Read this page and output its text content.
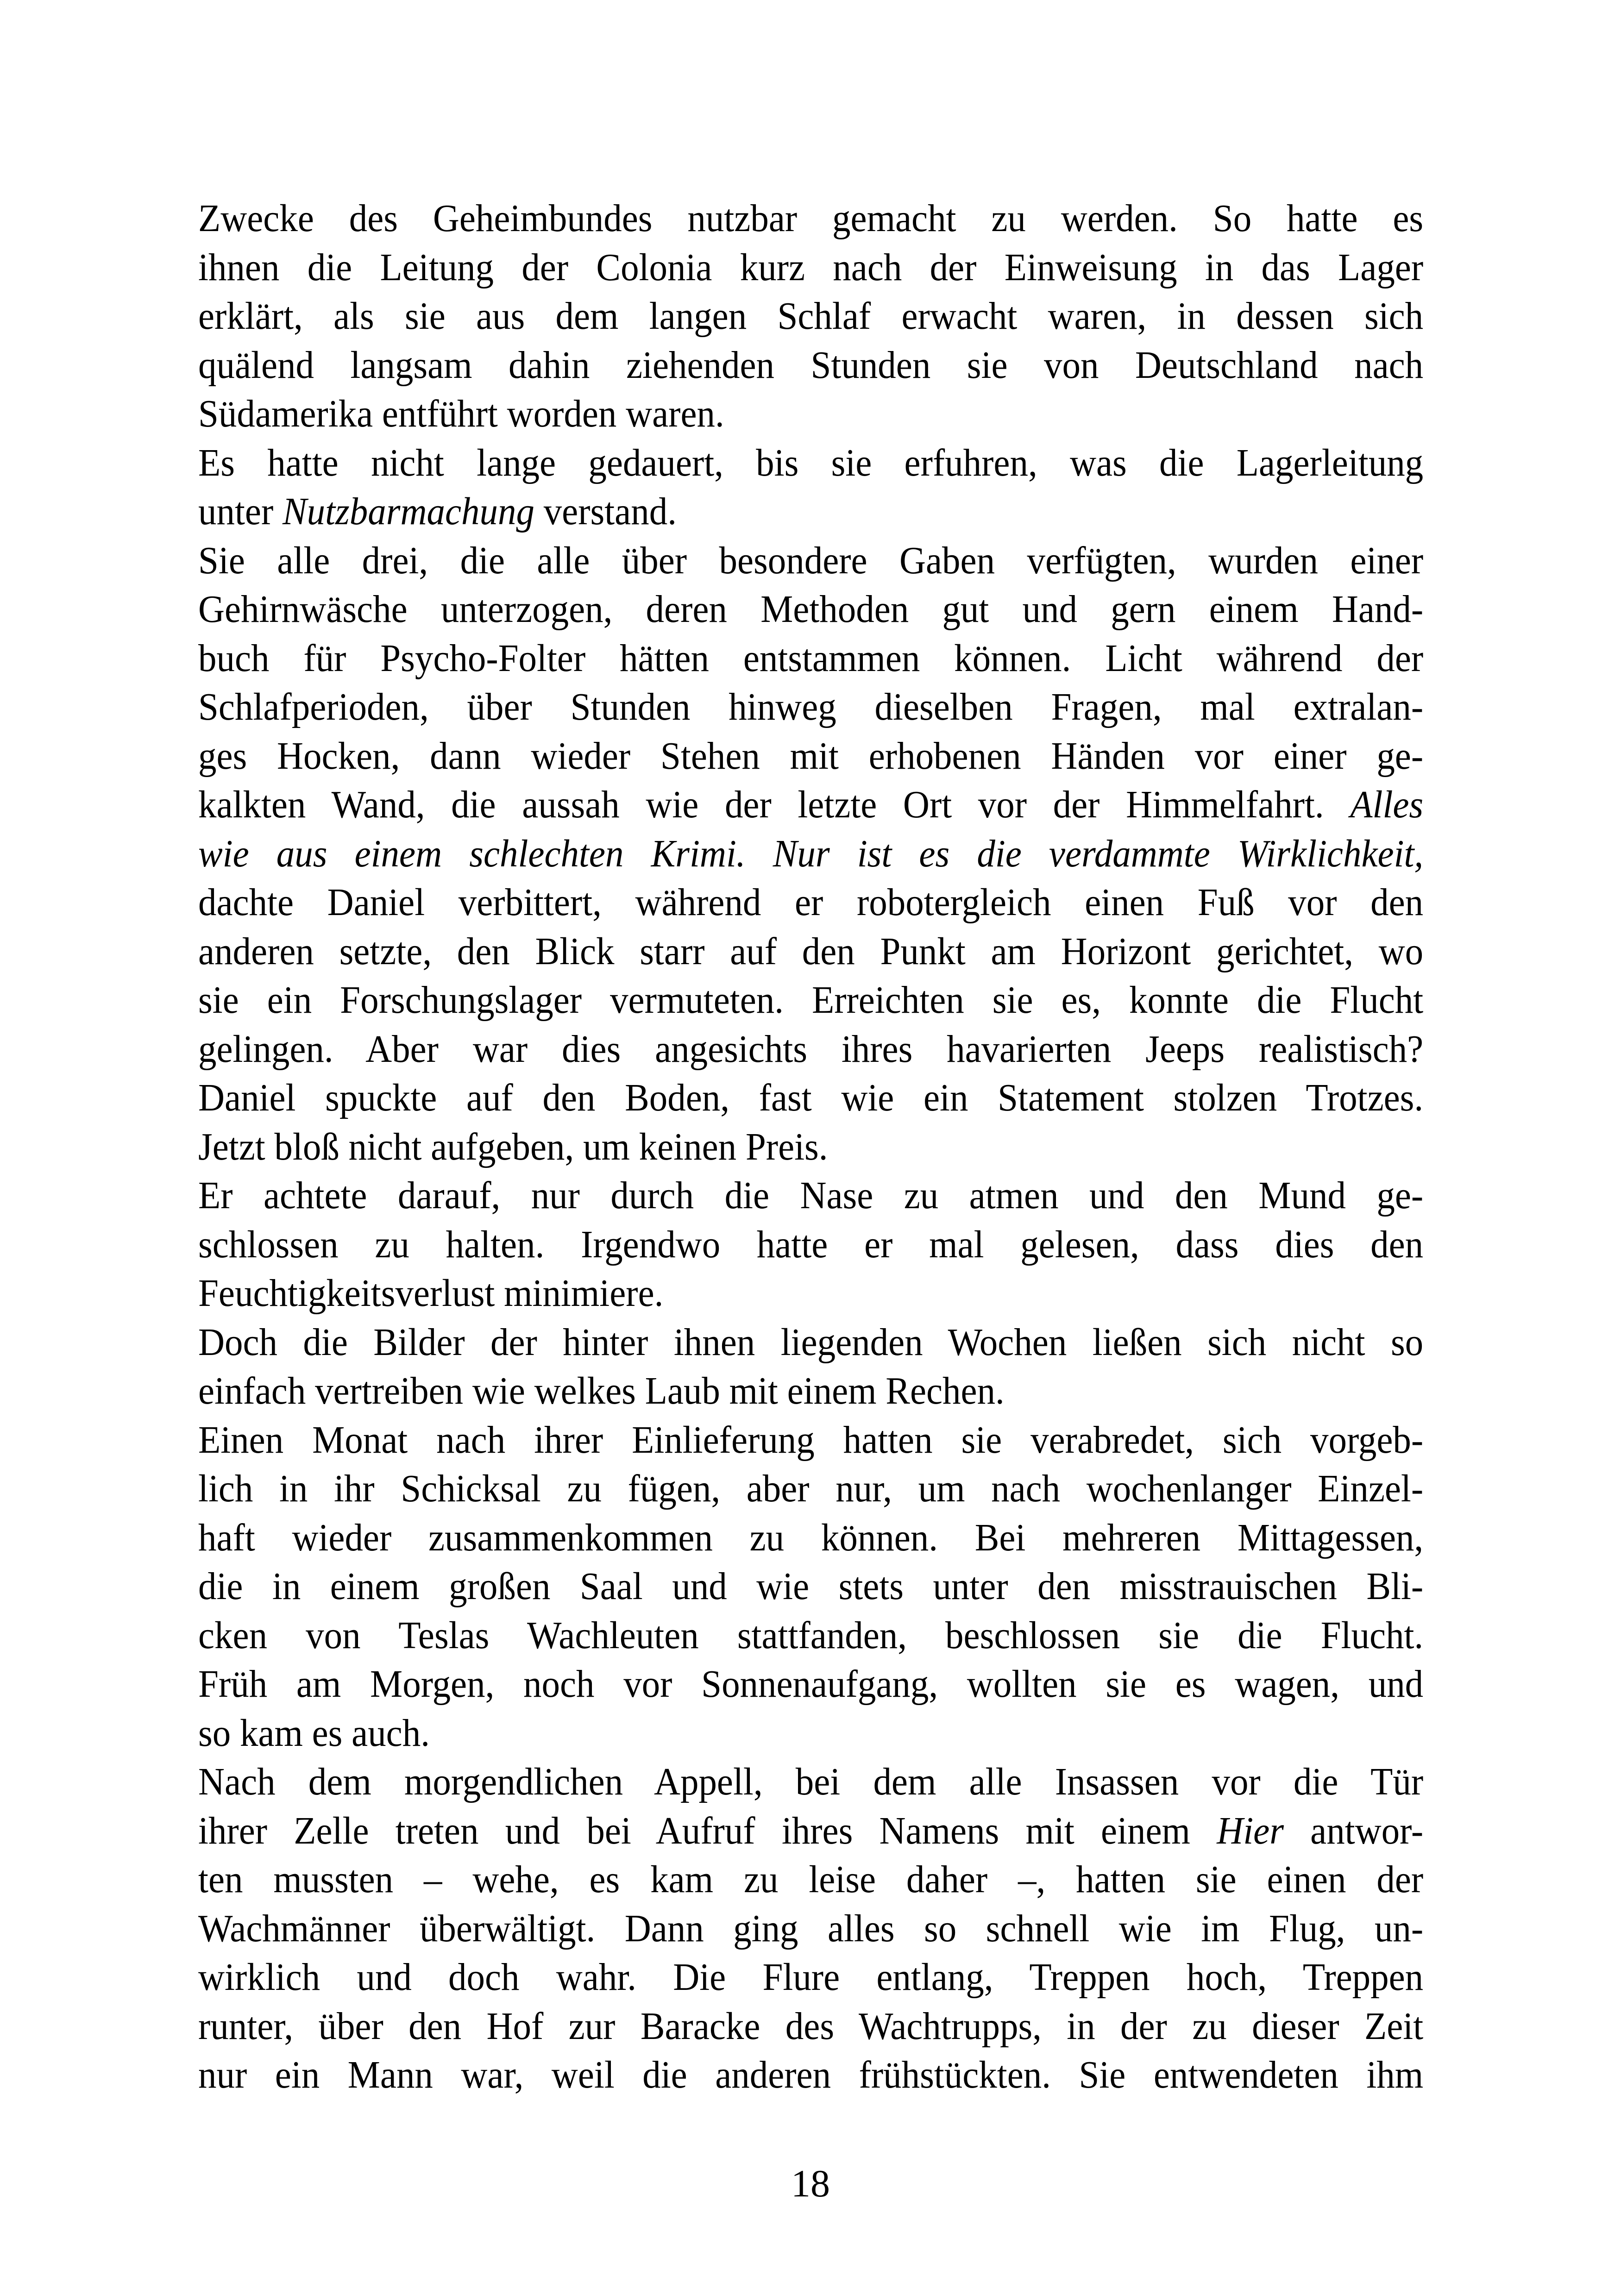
Zwecke des Geheimbundes nutzbar gemacht zu werden. So hatte es
ihnen die Leitung der Colonia kurz nach der Einweisung in das Lager
erklärt, als sie aus dem langen Schlaf erwacht waren, in dessen sich
quälend langsam dahin ziehenden Stunden sie von Deutschland nach
Südamerika entführt worden waren.
Es hatte nicht lange gedauert, bis sie erfuhren, was die Lagerleitung
unter Nutzbarmachung verstand.
Sie alle drei, die alle über besondere Gaben verfügten, wurden einer
Gehirnwäsche unterzogen, deren Methoden gut und gern einem Hand-
buch für Psycho-Folter hätten entstammen können. Licht während der
Schlafperioden, über Stunden hinweg dieselben Fragen, mal extralan-
ges Hocken, dann wieder Stehen mit erhobenen Händen vor einer ge-
kalkten Wand, die aussah wie der letzte Ort vor der Himmelfahrt. Alles
wie aus einem schlechten Krimi. Nur ist es die verdammte Wirklichkeit,
dachte Daniel verbittert, während er robotergleich einen Fuß vor den
anderen setzte, den Blick starr auf den Punkt am Horizont gerichtet, wo
sie ein Forschungslager vermuteten. Erreichten sie es, konnte die Flucht
gelingen. Aber war dies angesichts ihres havarierten Jeeps realistisch?
Daniel spuckte auf den Boden, fast wie ein Statement stolzen Trotzes.
Jetzt bloß nicht aufgeben, um keinen Preis.
Er achtete darauf, nur durch die Nase zu atmen und den Mund ge-
schlossen zu halten. Irgendwo hatte er mal gelesen, dass dies den
Feuchtigkeitsverlust minimiere.
Doch die Bilder der hinter ihnen liegenden Wochen ließen sich nicht so
einfach vertreiben wie welkes Laub mit einem Rechen.
Einen Monat nach ihrer Einlieferung hatten sie verabredet, sich vorgeb-
lich in ihr Schicksal zu fügen, aber nur, um nach wochenlanger Einzel-
haft wieder zusammenkommen zu können. Bei mehreren Mittagessen,
die in einem großen Saal und wie stets unter den misstrauischen Bli-
cken von Teslas Wachleuten stattfanden, beschlossen sie die Flucht.
Früh am Morgen, noch vor Sonnenaufgang, wollten sie es wagen, und
so kam es auch.
Nach dem morgendlichen Appell, bei dem alle Insassen vor die Tür
ihrer Zelle treten und bei Aufruf ihres Namens mit einem Hier antwor-
ten mussten – wehe, es kam zu leise daher –, hatten sie einen der
Wachmänner überwältigt. Dann ging alles so schnell wie im Flug, un-
wirklich und doch wahr. Die Flure entlang, Treppen hoch, Treppen
runter, über den Hof zur Baracke des Wachtrupps, in der zu dieser Zeit
nur ein Mann war, weil die anderen frühstückten. Sie entwendeten ihm
18
